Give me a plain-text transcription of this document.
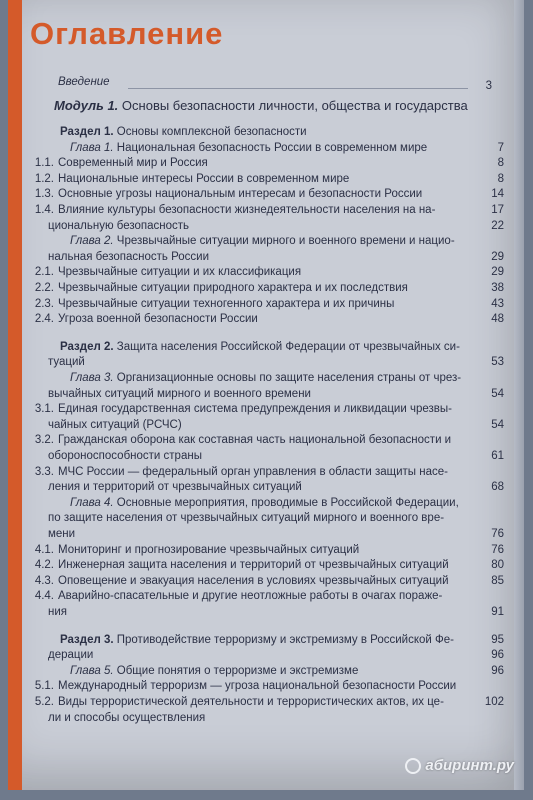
Оглавление
Введение	3
Модуль 1. Основы безопасности личности, общества и государства
Раздел 1. Основы комплексной безопасности
Глава 1. Национальная безопасность России в современном мире	7
1.1. Современный мир и Россия	8
1.2. Национальные интересы России в современном мире	8
1.3. Основные угрозы национальным интересам и безопасности России	14
1.4. Влияние культуры безопасности жизнедеятельности населения на на-	17
циональную безопасность	22
Глава 2. Чрезвычайные ситуации мирного и военного времени и нацио-
нальная безопасность России	29
2.1. Чрезвычайные ситуации и их классификация	29
2.2. Чрезвычайные ситуации природного характера и их последствия	38
2.3. Чрезвычайные ситуации техногенного характера и их причины	43
2.4. Угроза военной безопасности России	48
Раздел 2. Защита населения Российской Федерации от чрезвычайных си-
туаций	53
Глава 3. Организационные основы по защите населения страны от чрез-
вычайных ситуаций мирного и военного времени	54
3.1. Единая государственная система предупреждения и ликвидации чрезвы-
чайных ситуаций (РСЧС)	54
3.2. Гражданская оборона как составная часть национальной безопасности и
обороноспособности страны	61
3.3. МЧС России — федеральный орган управления в области защиты насе-
ления и территорий от чрезвычайных ситуаций	68
Глава 4. Основные мероприятия, проводимые в Российской Федерации,
по защите населения от чрезвычайных ситуаций мирного и военного вре-
мени	76
4.1. Мониторинг и прогнозирование чрезвычайных ситуаций	76
4.2. Инженерная защита населения и территорий от чрезвычайных ситуаций	80
4.3. Оповещение и эвакуация населения в условиях чрезвычайных ситуаций	85
4.4. Аварийно-спасательные и другие неотложные работы в очагах пораже-
ния	91
Раздел 3. Противодействие терроризму и экстремизму в Российской Фе-	95
дерации	96
Глава 5. Общие понятия о терроризме и экстремизме	96
5.1. Международный терроризм — угроза национальной безопасности России
5.2. Виды террористической деятельности и террористических актов, их це-	102
ли и способы осуществления
абиринт.ру
